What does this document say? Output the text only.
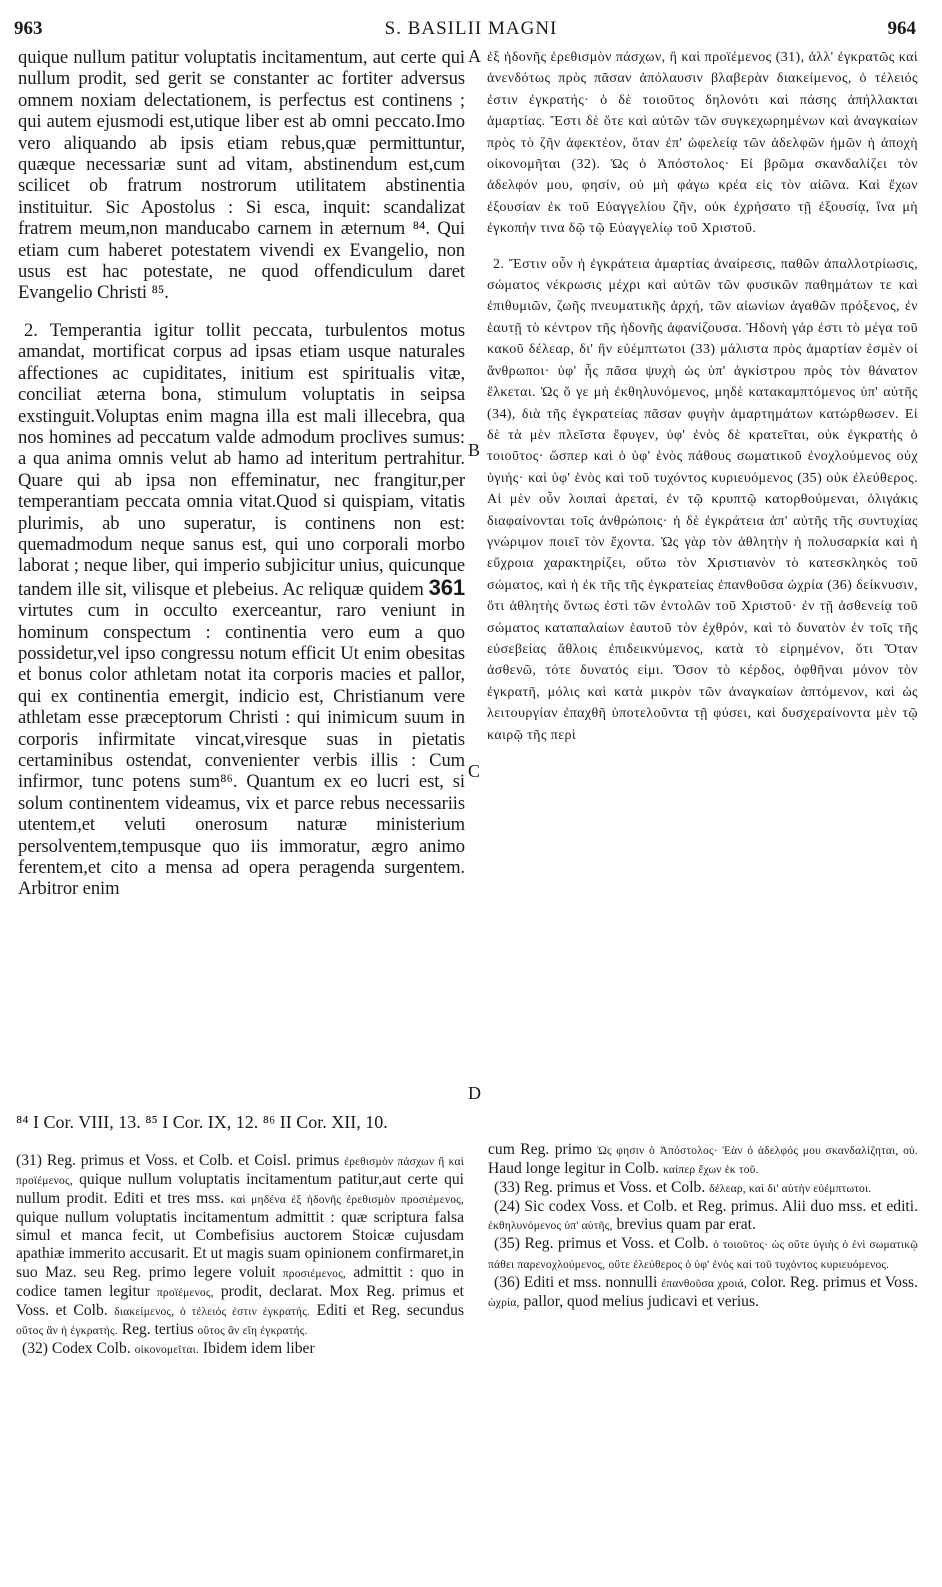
963	S. BASILII MAGNI	964

quique nullum patitur voluptatis incitamentum, aut certe qui nullum prodit, sed gerit se constanter ac fortiter adversus omnem noxiam delectationem, is perfectus est continens ; qui autem ejusmodi est,utique liber est ab omni peccato.Imo vero aliquando ab ipsis etiam rebus,quæ permittuntur, quæque necessariæ sunt ad vitam, abstinendum est,cum scilicet ob fratrum nostrorum utilitatem abstinentia instituitur. Sic Apostolus : Si esca, inquit: scandalizat fratrem meum,non manducabo carnem in æternum ⁸⁴. Qui etiam cum haberet potestatem vivendi ex Evangelio, non usus est hac potestate, ne quod offendiculum daret Evangelio Christi ⁸⁵.

2. Temperantia igitur tollit peccata, turbulentos motus amandat, mortificat corpus ad ipsas etiam usque naturales affectiones ac cupiditates, initium est spiritualis vitæ, conciliat æterna bona, stimulum voluptatis in seipsa exstinguit.Voluptas enim magna illa est mali illecebra, qua nos homines ad peccatum valde admodum proclives sumus: a qua anima omnis velut ab hamo ad interitum pertrahitur. Quare qui ab ipsa non effeminatur, nec frangitur,per temperantiam peccata omnia vitat.Quod si quispiam, vitatis plurimis, ab uno superatur, is continens non est: quemadmodum neque sanus est, qui uno corporali morbo laborat ; neque liber, qui imperio subjicitur unius, quicunque tandem ille sit, vilisque et plebeius. Ac reliquæ quidem 361 virtutes cum in occulto exerceantur, raro veniunt in hominum conspectum : continentia vero eum a quo possidetur,vel ipso congressu notum efficit Ut enim obesitas et bonus color athletam notat ita corporis macies et pallor, qui ex continentia emergit, indicio est, Christianum vere athletam esse præceptorum Christi : qui inimicum suum in corporis infirmitate vincat,viresque suas in pietatis certaminibus ostendat, convenienter verbis illis : Cum infirmor, tunc potens sum⁸⁶. Quantum ex eo lucri est, si solum continentem videamus, vix et parce rebus necessariis utentem,et veluti onerosum naturæ ministerium persolventem,tempusque quo iis immoratur, ægro animo ferentem,et cito a mensa ad opera peragenda surgentem. Arbitror enim

A
B
C
D

ἐξ ἡδονῆς ἐρεθισμὸν πάσχων, ἢ καὶ προϊέμενος (31), ἀλλ' ἐγκρατῶς καὶ ἀνενδότως πρὸς πᾶσαν ἀπόλαυσιν βλαβερὰν διακείμενος, ὁ τέλειός ἐστιν ἐγκρατής· ὁ δὲ τοιοῦτος δηλονότι καὶ πάσης ἀπήλλακται ἁμαρτίας. Ἔστι δὲ ὅτε καὶ αὐτῶν τῶν συγκεχωρημένων καὶ ἀναγκαίων πρὸς τὸ ζῆν ἀφεκτέον, ὅταν ἐπ' ὠφελείᾳ τῶν ἀδελφῶν ἡμῶν ἡ ἀποχὴ οἰκονομῆται (32). Ὡς ὁ Ἀπόστολος· Εἰ βρῶμα σκανδαλίζει τὸν ἀδελφόν μου, φησίν, οὐ μὴ φάγω κρέα εἰς τὸν αἰῶνα. Καὶ ἔχων ἐξουσίαν ἐκ τοῦ Εὐαγγελίου ζῆν, οὐκ ἐχρήσατο τῇ ἐξουσίᾳ, ἵνα μὴ ἐγκοπήν τινα δῷ τῷ Εὐαγγελίῳ τοῦ Χριστοῦ.

2. Ἔστιν οὖν ἡ ἐγκράτεια ἁμαρτίας ἀναίρεσις, παθῶν ἀπαλλοτρίωσις, σώματος νέκρωσις μέχρι καὶ αὐτῶν τῶν φυσικῶν παθημάτων τε καὶ ἐπιθυμιῶν, ζωῆς πνευματικῆς ἀρχή, τῶν αἰωνίων ἀγαθῶν πρόξενος, ἐν ἑαυτῇ τὸ κέντρον τῆς ἡδονῆς ἀφανίζουσα. Ἡδονὴ γάρ ἐστι τὸ μέγα τοῦ κακοῦ δέλεαρ, δι' ἣν εὐέμπτωτοι (33) μάλιστα πρὸς ἁμαρτίαν ἐσμὲν οἱ ἄνθρωποι· ὑφ' ἧς πᾶσα ψυχὴ ὡς ὑπ' ἀγκίστρου πρὸς τὸν θάνατον ἕλκεται. Ὡς ὅ γε μὴ ἐκθηλυνόμενος, μηδὲ κατακαμπτόμενος ὑπ' αὐτῆς (34), διὰ τῆς ἐγκρατείας πᾶσαν φυγὴν ἁμαρτημάτων κατώρθωσεν. Εἰ δὲ τὰ μὲν πλεῖστα ἔφυγεν, ὑφ' ἑνὸς δὲ κρατεῖται, οὐκ ἐγκρατὴς ὁ τοιοῦτος· ὥσπερ καὶ ὁ ὑφ' ἑνὸς πάθους σωματικοῦ ἐνοχλούμενος οὐχ ὑγιής· καὶ ὑφ' ἑνὸς καὶ τοῦ τυχόντος κυριευόμενος (35) οὐκ ἐλεύθερος. Αἱ μὲν οὖν λοιπαὶ ἀρεταί, ἐν τῷ κρυπτῷ κατορθούμεναι, ὀλιγάκις διαφαίνονται τοῖς ἀνθρώποις· ἡ δὲ ἐγκράτεια ἀπ' αὐτῆς τῆς συντυχίας γνώριμον ποιεῖ τὸν ἔχοντα. Ὡς γὰρ τὸν ἀθλητὴν ἡ πολυσαρκία καὶ ἡ εὔχροια χαρακτηρίζει, οὕτω τὸν Χριστιανὸν τὸ κατεσκληκὸς τοῦ σώματος, καὶ ἡ ἐκ τῆς τῆς ἐγκρατείας ἐπανθοῦσα ὠχρία (36) δείκνυσιν, ὅτι ἀθλητὴς ὄντως ἐστὶ τῶν ἐντολῶν τοῦ Χριστοῦ· ἐν τῇ ἀσθενείᾳ τοῦ σώματος καταπαλαίων ἑαυτοῦ τὸν ἐχθρόν, καὶ τὸ δυνατὸν ἐν τοῖς τῆς εὐσεβείας ἄθλοις ἐπιδεικνύμενος, κατὰ τὸ εἰρημένον, ὅτι Ὅταν ἀσθενῶ, τότε δυνατός εἰμι. Ὅσον τὸ κέρδος, ὀφθῆναι μόνον τὸν ἐγκρατῆ, μόλις καὶ κατὰ μικρὸν τῶν ἀναγκαίων ἁπτόμενον, καὶ ὡς λειτουργίαν ἐπαχθῆ ὑποτελοῦντα τῇ φύσει, καὶ δυσχεραίνοντα μὲν τῷ καιρῷ τῆς περὶ

⁸⁴ I Cor. VIII, 13. ⁸⁵ I Cor. IX, 12. ⁸⁶ II Cor. XII, 10.

(31) Reg. primus et Voss. et Colb. et Coisl. primus ἐρεθισμὸν πάσχων ἢ καὶ προϊέμενος, quique nullum voluptatis incitamentum patitur,aut certe qui nullum prodit. Editi et tres mss. καὶ μηδένα ἐξ ἡδονῆς ἐρεθισμὸν προσιέμενος, quique nullum voluptatis incitamentum admittit : quæ scriptura falsa simul et manca fecit, ut Combefisius auctorem Stoicæ cujusdam apathiæ immerito accusarit. Et ut magis suam opinionem confirmaret,in suo Maz. seu Reg. primo legere voluit προσιέμενος, admittit : quo in codice tamen legitur προϊέμενος, prodit, declarat. Mox Reg. primus et Voss. et Colb. διακείμενος, ὁ τέλειός ἐστιν ἐγκρατής. Editi et Reg. secundus οὕτος ἂν ἡ ἐγκρατής. Reg. tertius οὕτος ἂν εἴη ἐγκρατής.

(32) Codex Colb. οἰκονομεῖται. Ibidem idem liber

cum Reg. primo Ὡς φησιν ὁ Ἀπόστολος· Ἐὰν ὁ ἀδελφός μου σκανδαλίζηται, οὐ. Haud longe legitur in Colb. καίπερ ἔχων ἐκ τοῦ.

(33) Reg. primus et Voss. et Colb. δέλεαρ, καὶ δι' αὐτὴν εὐέμπτωτοι.

(24) Sic codex Voss. et Colb. et Reg. primus. Alii duo mss. et editi. ἐκθηλυνόμενος ὑπ' αὐτῆς, brevius quam par erat.

(35) Reg. primus et Voss. et Colb. ὁ τοιοῦτος· ὡς οὔτε ὑγιὴς ὁ ἐνὶ σωματικῷ πάθει παρενοχλούμενος, οὔτε ἐλεύθερος ὁ ὑφ' ἑνὸς καὶ τοῦ τυχόντος κυριευόμενος.

(36) Editi et mss. nonnulli ἐπανθοῦσα χροιά, color. Reg. primus et Voss. ὠχρία, pallor, quod melius judicavi et verius.
